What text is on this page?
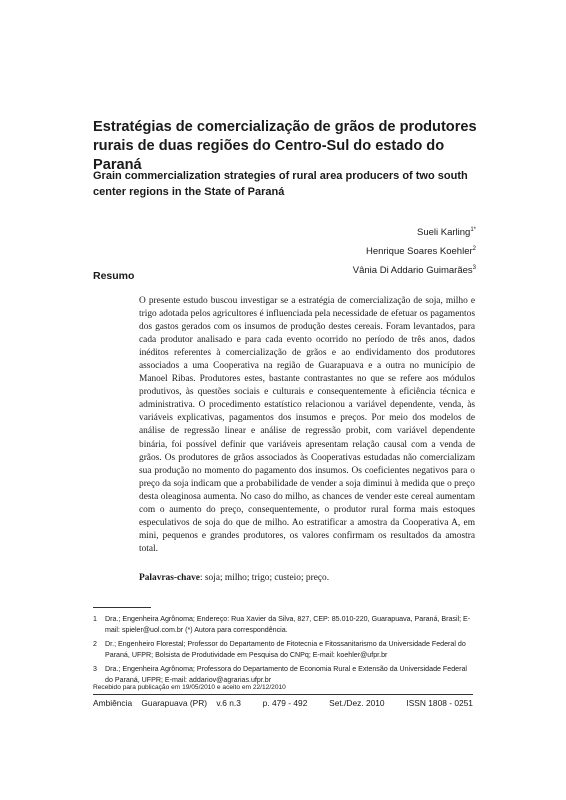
Estratégias de comercialização de grãos de produtores rurais de duas regiões do Centro-Sul do estado do Paraná
Grain commercialization strategies of rural area producers of two south center regions in the State of Paraná
Sueli Karling$^{1*}$
Henrique Soares Koehler$^2$
Vânia Di Addario Guimarães$^3$
Resumo

O presente estudo buscou investigar se a estratégia de comercialização de soja, milho e trigo adotada pelos agricultores é influenciada pela necessidade de efetuar os pagamentos dos gastos gerados com os insumos de produção destes cereais. Foram levantados, para cada produtor analisado e para cada evento ocorrido no período de três anos, dados inéditos referentes à comercialização de grãos e ao endividamento dos produtores associados a uma Cooperativa na região de Guarapuava e a outra no município de Manoel Ribas. Produtores estes, bastante contrastantes no que se refere aos módulos produtivos, às questões sociais e culturais e consequentemente à eficiência técnica e administrativa. O procedimento estatístico relacionou a variável dependente, venda, às variáveis explicativas, pagamentos dos insumos e preços. Por meio dos modelos de análise de regressão linear e análise de regressão probit, com variável dependente binária, foi possível definir que variáveis apresentam relação causal com a venda de grãos. Os produtores de grãos associados às Cooperativas estudadas não comercializam sua produção no momento do pagamento dos insumos. Os coeficientes negativos para o preço da soja indicam que a probabilidade de vender a soja diminui à medida que o preço desta oleaginosa aumenta. No caso do milho, as chances de vender este cereal aumentam com o aumento do preço, consequentemente, o produtor rural forma mais estoques especulativos de soja do que de milho. Ao estratificar a amostra da Cooperativa A, em mini, pequenos e grandes produtores, os valores confirmam os resultados da amostra total.

Palavras-chave: soja; milho; trigo; custeio; preço.
1 Dra.; Engenheira Agrônoma; Endereço: Rua Xavier da Silva, 827, CEP: 85.010-220, Guarapuava, Paraná, Brasil; E-mail: spieler@uol.com.br (*) Autora para correspondência.
2 Dr.; Engenheiro Florestal; Professor do Departamento de Fitotecnia e Fitossanitarismo da Universidade Federal do Paraná, UFPR; Bolsista de Produtividade em Pesquisa do CNPq; E-mail: koehler@ufpr.br
3 Dra.; Engenheira Agrônoma; Professora do Departamento de Economia Rural e Extensão da Universidade Federal do Paraná, UFPR; E-mail: addariov@agrarias.ufpr.br
Recebido para publicação em 19/05/2010 e aceito em 22/12/2010
Ambiência    Guarapuava (PR)    v.6 n.3	p. 479 - 492	Set./Dez. 2010	ISSN 1808 - 0251
